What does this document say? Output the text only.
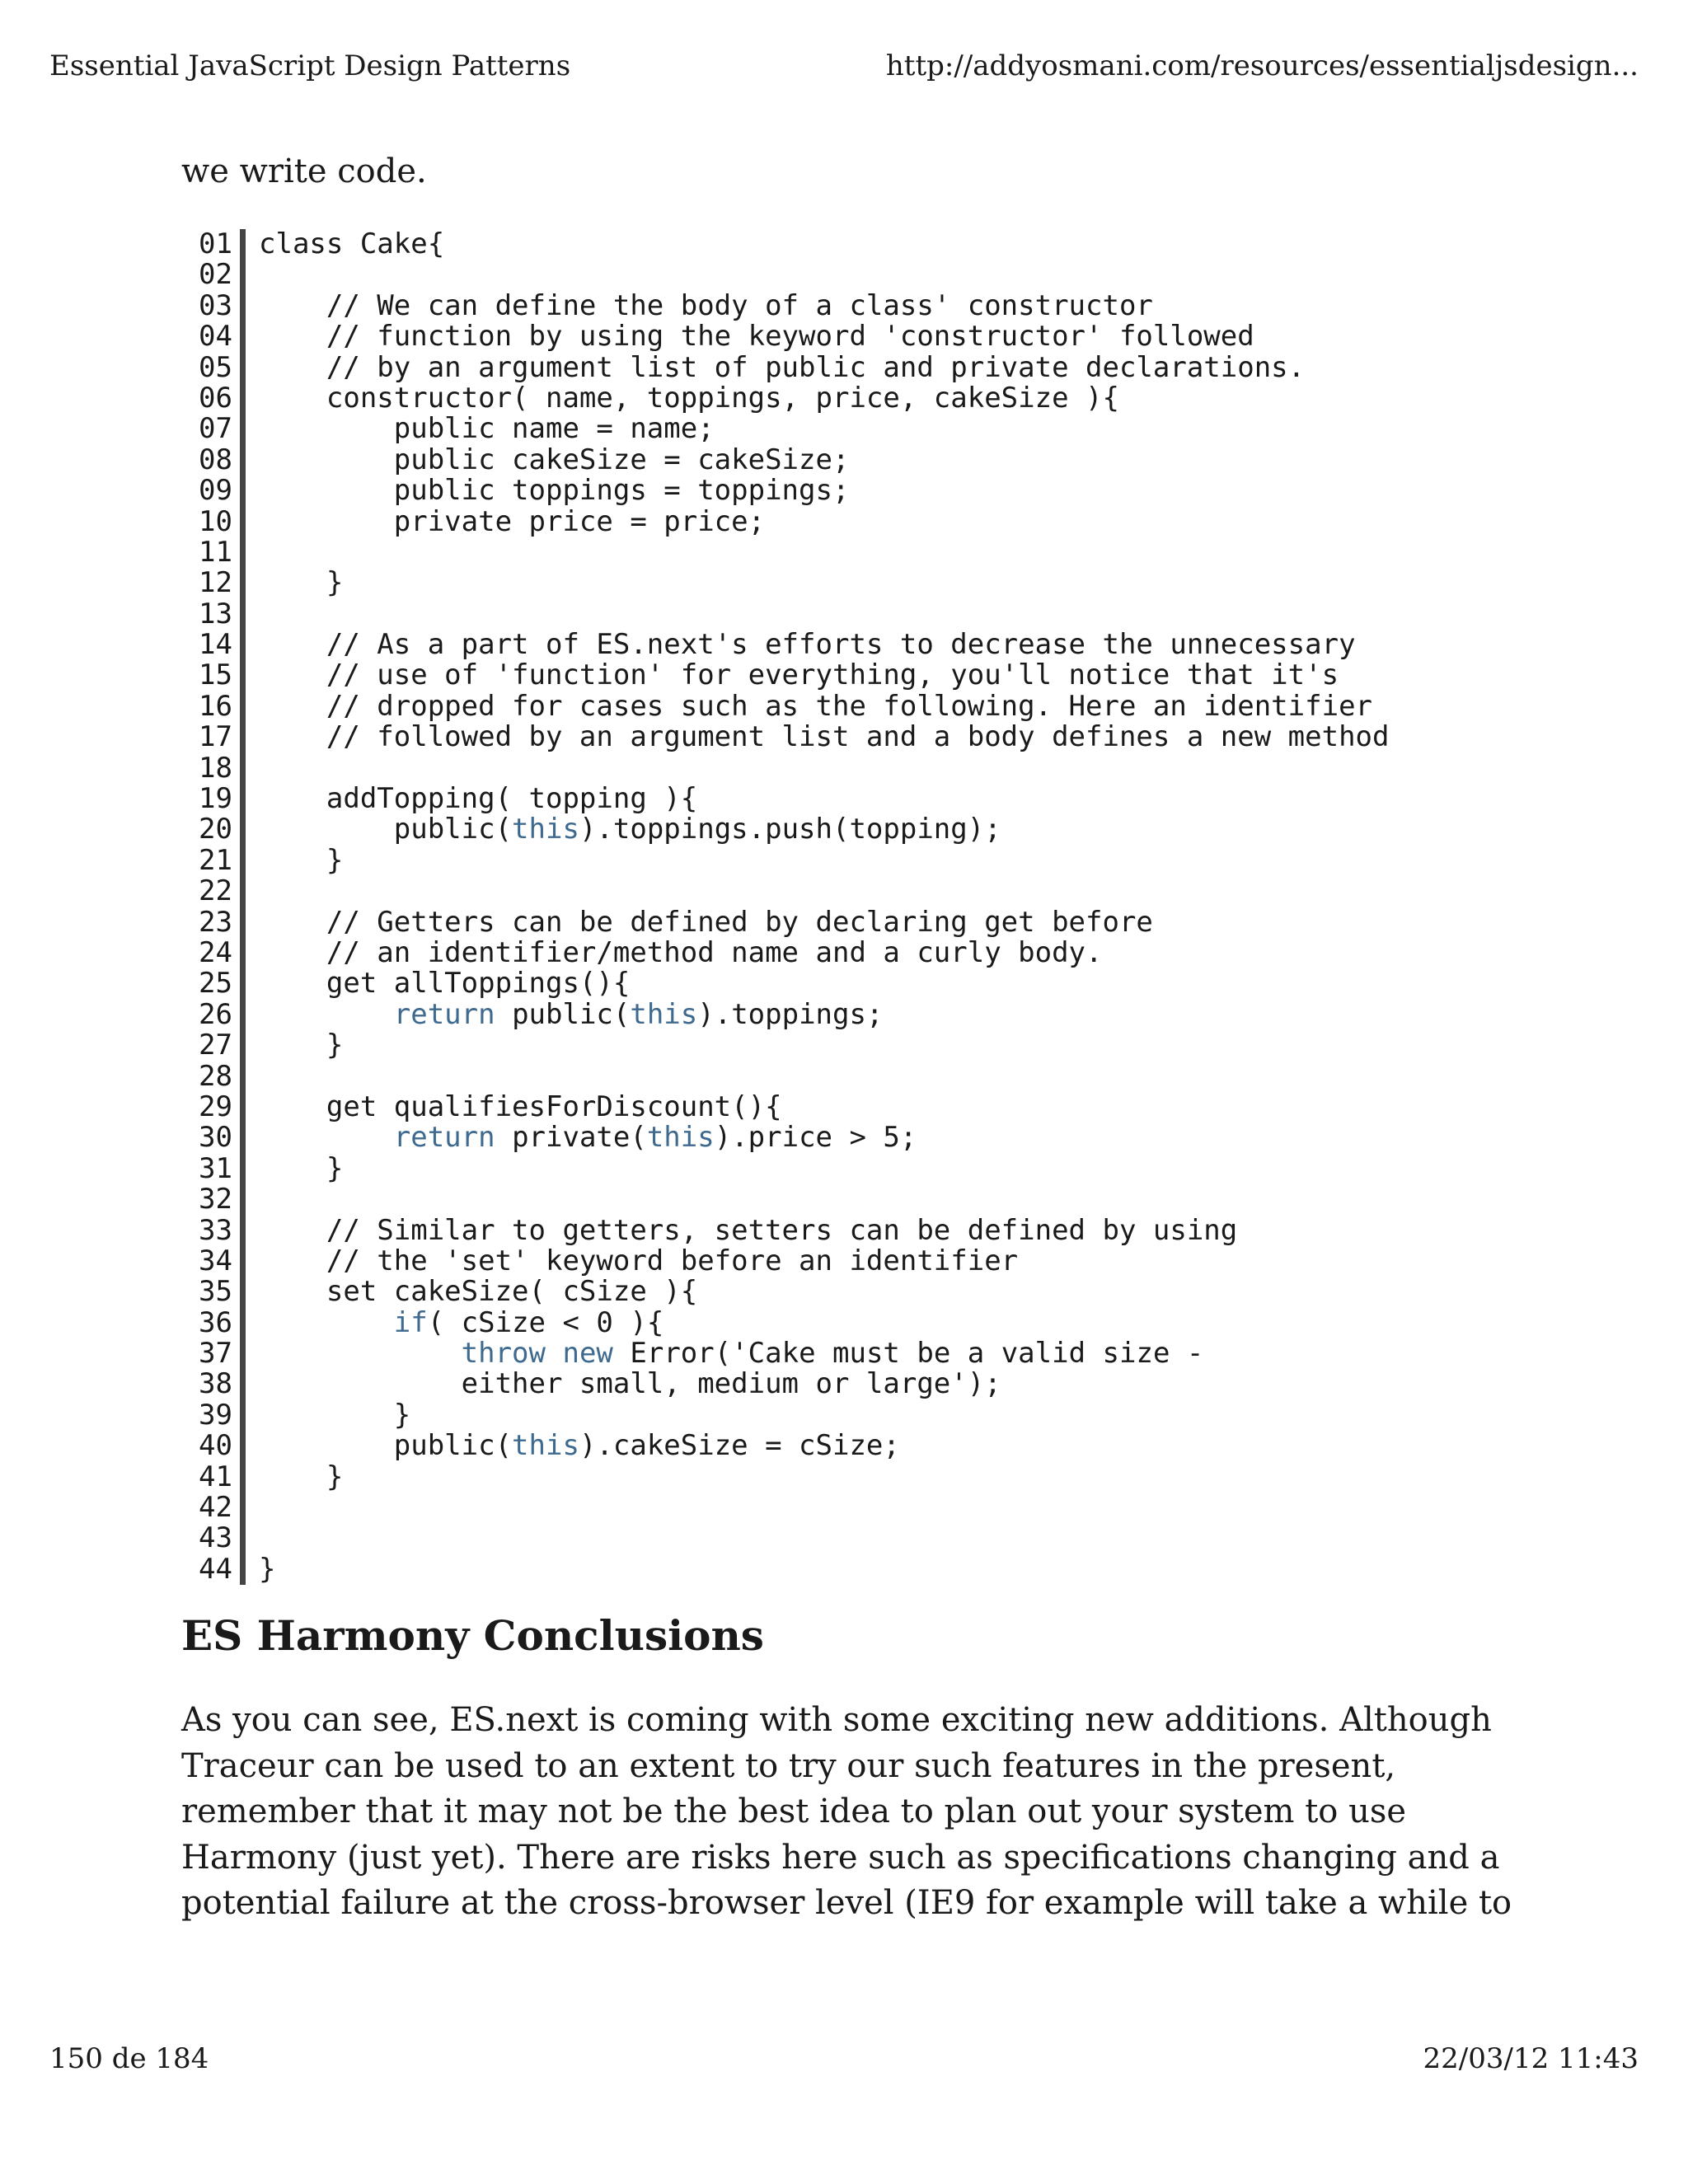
Essential JavaScript Design Patterns	http://addyosmani.com/resources/essentialjsdesign...

we write code.

01 class Cake{
02
03 // We can define the body of a class' constructor
04 // function by using the keyword 'constructor' followed
05 // by an argument list of public and private declarations.
06 constructor( name, toppings, price, cakeSize ){
07 public name = name;
08 public cakeSize = cakeSize;
09 public toppings = toppings;
10 private price = price;
11
12 }
13
14 // As a part of ES.next's efforts to decrease the unnecessary
15 // use of 'function' for everything, you'll notice that it's
16 // dropped for cases such as the following. Here an identifier
17 // followed by an argument list and a body defines a new method
18
19 addTopping( topping ){
20 public(this).toppings.push(topping);
21 }
22
23 // Getters can be defined by declaring get before
24 // an identifier/method name and a curly body.
25 get allToppings(){
26	return public(this).toppings;
27 }
28
29 get qualifiesForDiscount(){
30	return private(this).price > 5;
31 }
32
33 // Similar to getters, setters can be defined by using
34 // the 'set' keyword before an identifier
35 set cakeSize( cSize ){
36	if( cSize < 0 ){
37	throw new Error('Cake must be a valid size -
38 either small, medium or large');
39 }
40 public(this).cakeSize = cSize;
41 }
42
43
44 }
ES Harmony Conclusions

As you can see, ES.next is coming with some exciting new additions. Although Traceur can be used to an extent to try our such features in the present, remember that it may not be the best idea to plan out your system to use Harmony (just yet). There are risks here such as specifications changing and a potential failure at the cross-browser level (IE9 for example will take a while to

150 de 184	22/03/12 11:43
